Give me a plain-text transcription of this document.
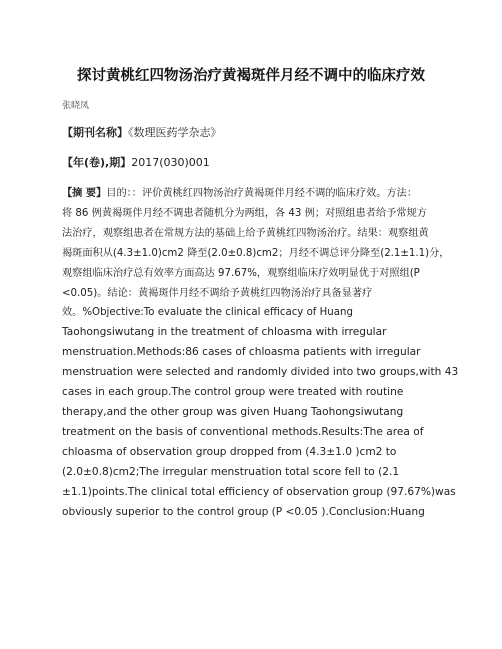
探讨黄桃红四物汤治疗黄褐斑伴月经不调中的临床疗效
张晓凤
【期刊名称】《数理医药学杂志》
【年(卷),期】2017(030)001
【摘 要】目的：：评价黄桃红四物汤治疗黄褐斑伴月经不调的临床疗效。方法：
将 86 例黄褐斑伴月经不调患者随机分为两组，各 43 例；对照组患者给予常规方
法治疗，观察组患者在常规方法的基础上给予黄桃红四物汤治疗。结果：观察组黄
褐斑面积从(4.3±1.0)cm2 降至(2.0±0.8)cm2；月经不调总评分降至(2.1±1.1)分，
观察组临床治疗总有效率方面高达 97.67%，观察组临床疗效明显优于对照组(P
<0.05)。结论：黄褐斑伴月经不调给予黄桃红四物汤治疗具备显著疗
效。%Objective:To evaluate the clinical efficacy of Huang
Taohongsiwutang in the treatment of chloasma with irregular
menstruation.Methods:86 cases of chloasma patients with irregular
menstruation were selected and randomly divided into two groups,with 43
cases in each group.The control group were treated with routine
therapy,and the other group was given Huang Taohongsiwutang
treatment on the basis of conventional methods.Results:The area of
chloasma of observation group dropped from (4.3±1.0 )cm2 to
(2.0±0.8)cm2;The irregular menstruation total score fell to (2.1
±1.1)points.The clinical total efficiency of observation group (97.67%)was
obviously superior to the control group (P <0.05 ).Conclusion:Huang
